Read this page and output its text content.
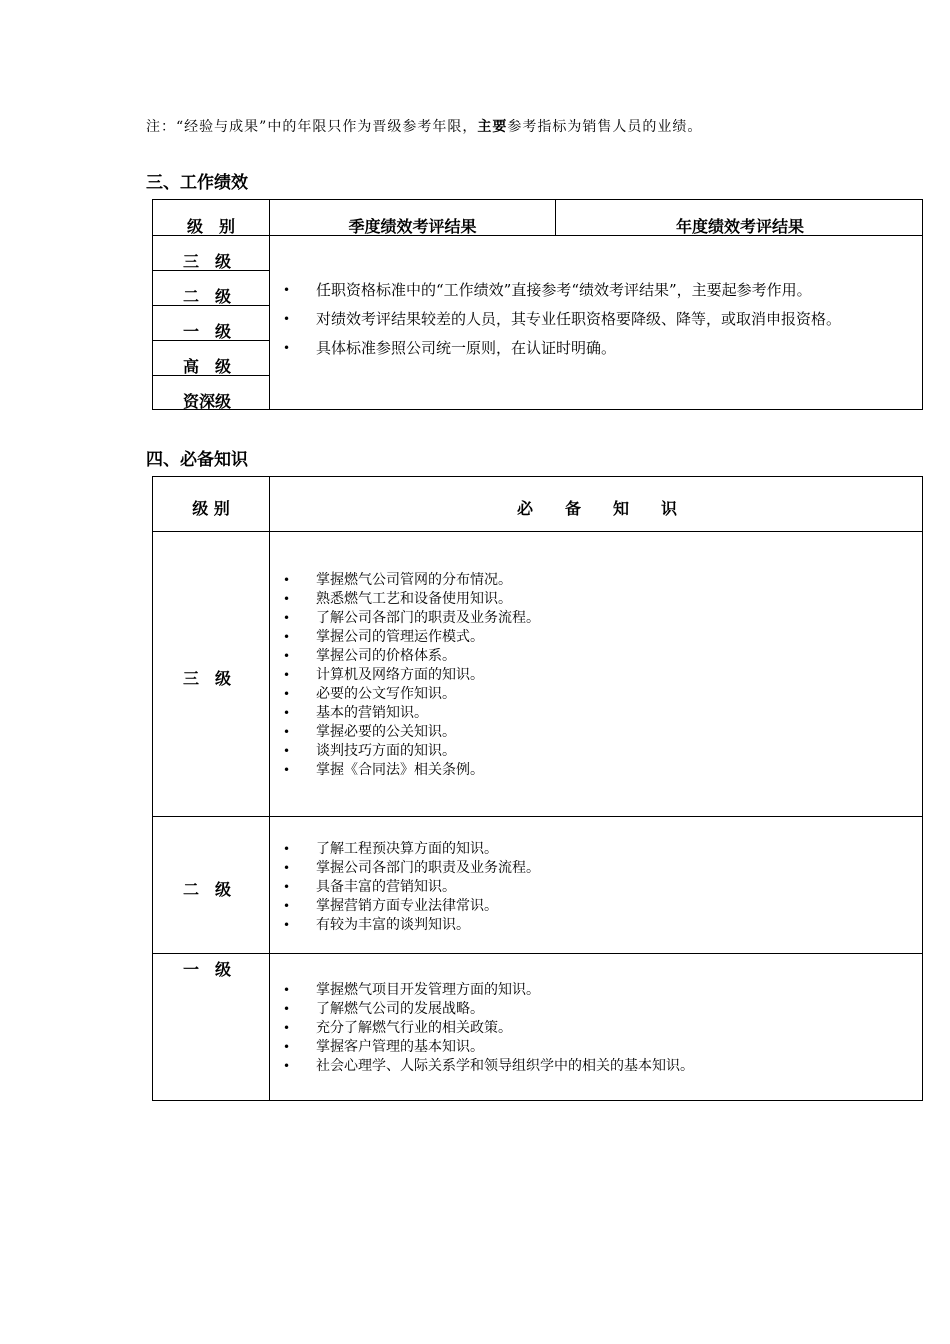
注：“经验与成果”中的年限只作为晋级参考年限，主要参考指标为销售人员的业绩。
三、工作绩效
级　别	季度绩效考评结果	年度绩效考评结果
三　级
二　级
一　级
高　级
资深级
• 任职资格标准中的“工作绩效”直接参考“绩效考评结果”，主要起参考作用。
• 对绩效考评结果较差的人员，其专业任职资格要降级、降等，或取消申报资格。
• 具体标准参照公司统一原则，在认证时明确。
四、必备知识
级 别	必　　备　　知　　识
三　级
• 掌握燃气公司管网的分布情况。
• 熟悉燃气工艺和设备使用知识。
• 了解公司各部门的职责及业务流程。
• 掌握公司的管理运作模式。
• 掌握公司的价格体系。
• 计算机及网络方面的知识。
• 必要的公文写作知识。
• 基本的营销知识。
• 掌握必要的公关知识。
• 谈判技巧方面的知识。
• 掌握《合同法》相关条例。
二　级
• 了解工程预决算方面的知识。
• 掌握公司各部门的职责及业务流程。
• 具备丰富的营销知识。
• 掌握营销方面专业法律常识。
• 有较为丰富的谈判知识。
一　级
• 掌握燃气项目开发管理方面的知识。
• 了解燃气公司的发展战略。
• 充分了解燃气行业的相关政策。
• 掌握客户管理的基本知识。
• 社会心理学、人际关系学和领导组织学中的相关的基本知识。
